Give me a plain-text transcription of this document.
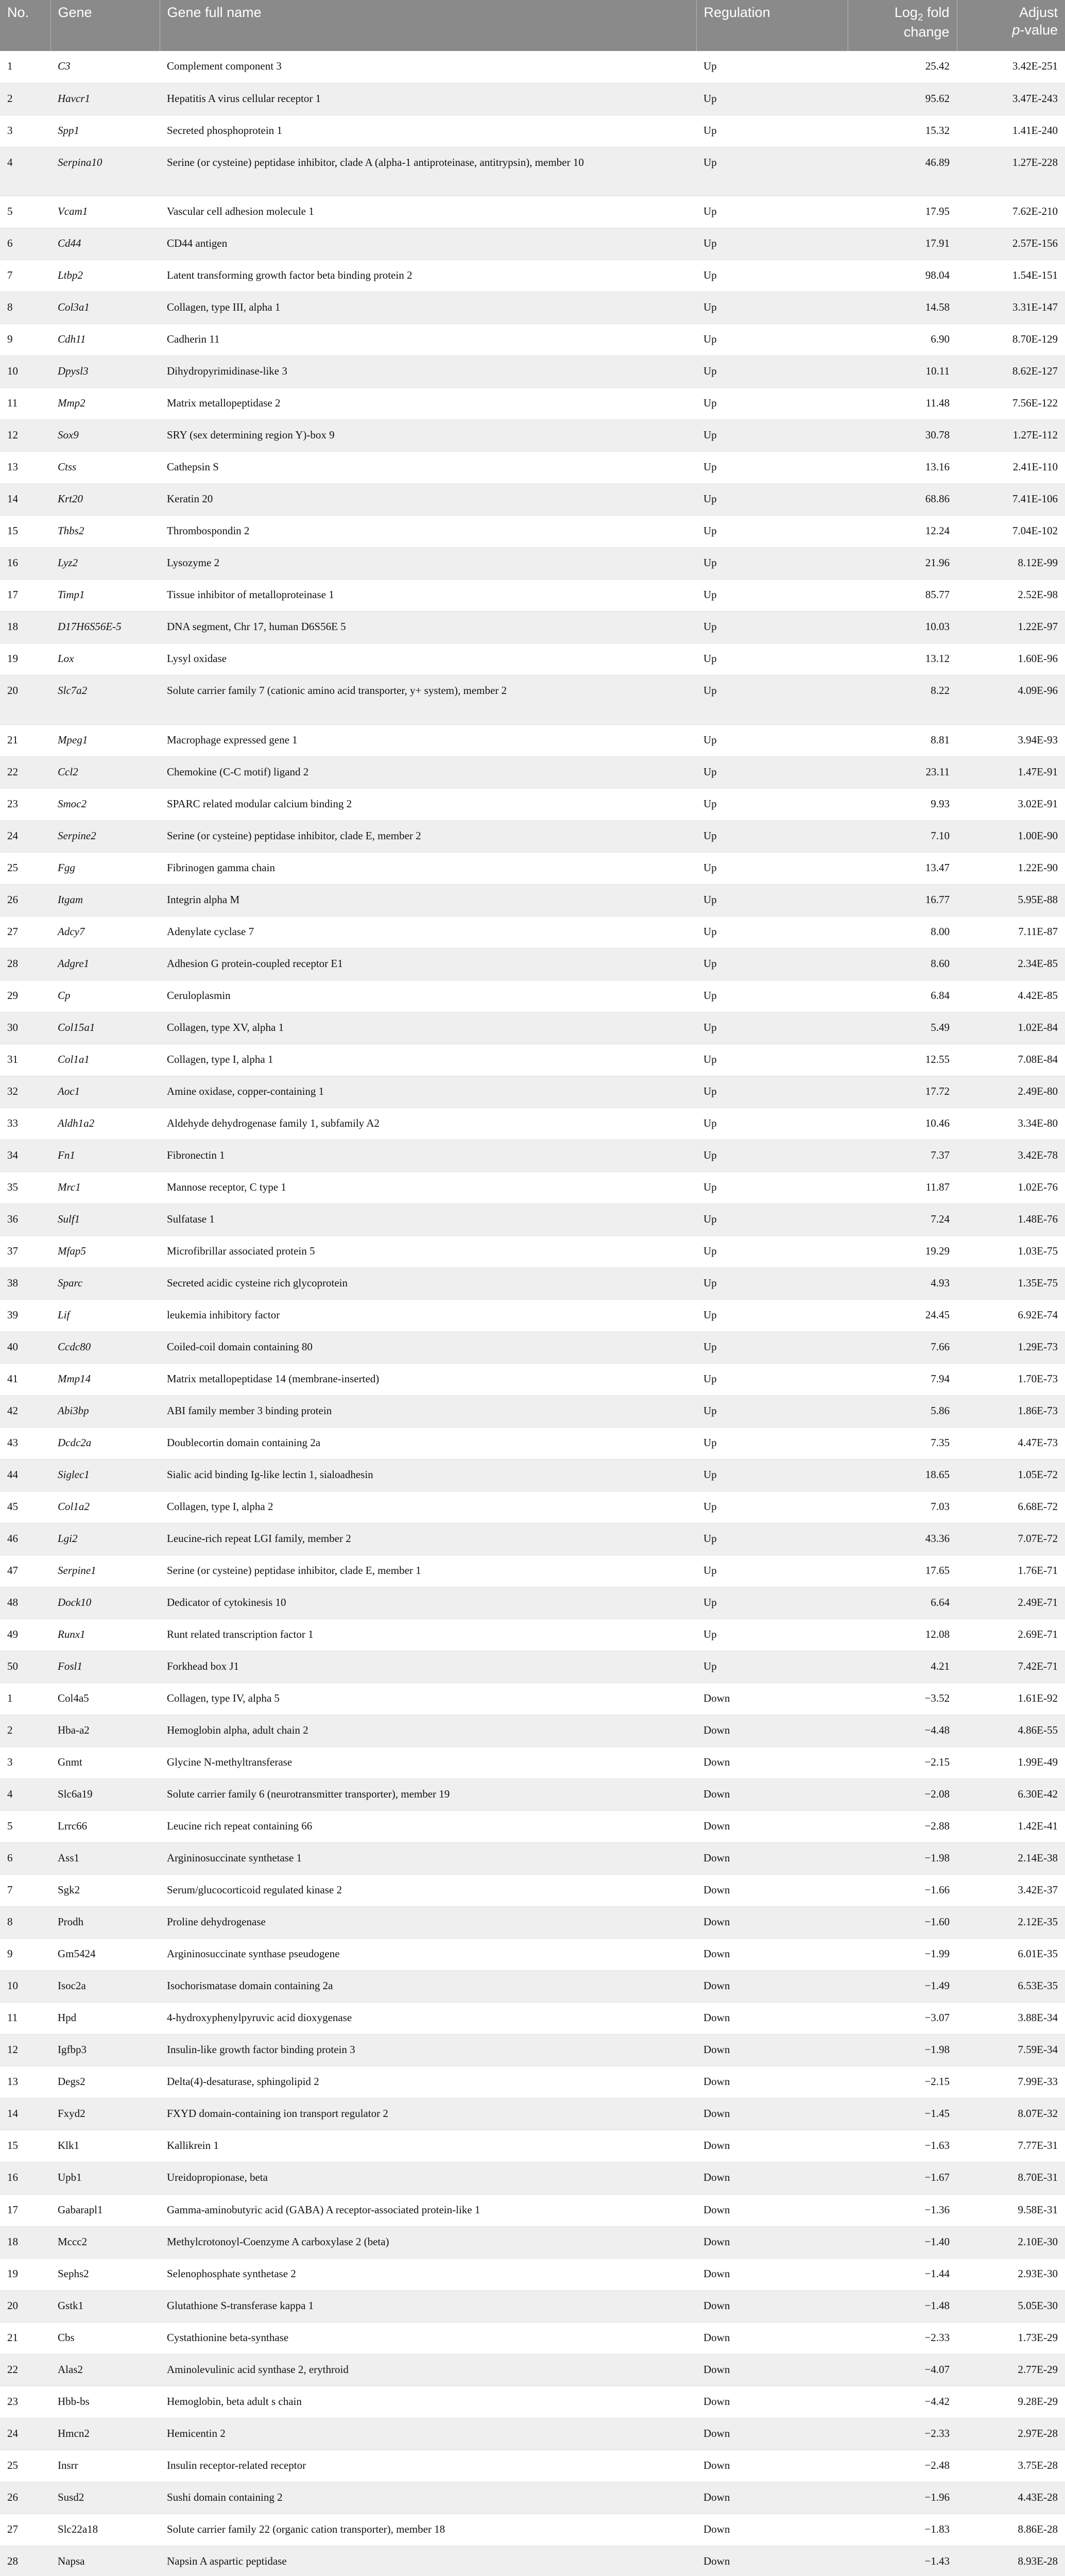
No.	Gene	Gene full name	Regulation	Log$_2$ fold change	Adjust
p-value
1	C3	Complement component 3	Up	25.42	3.42E-251
2	Havcr1	Hepatitis A virus cellular receptor 1	Up	95.62	3.47E-243
3	Spp1	Secreted phosphoprotein 1	Up	15.32	1.41E-240
4	Serpina10	Serine (or cysteine) peptidase inhibitor, clade A (alpha-1 antiproteinase, antitrypsin), member 10	Up	46.89	1.27E-228
5	Vcam1	Vascular cell adhesion molecule 1	Up	17.95	7.62E-210
6	Cd44	CD44 antigen	Up	17.91	2.57E-156
7	Ltbp2	Latent transforming growth factor beta binding protein 2	Up	98.04	1.54E-151
8	Col3a1	Collagen, type III, alpha 1	Up	14.58	3.31E-147
9	Cdh11	Cadherin 11	Up	6.90	8.70E-129
10	Dpysl3	Dihydropyrimidinase-like 3	Up	10.11	8.62E-127
11	Mmp2	Matrix metallopeptidase 2	Up	11.48	7.56E-122
12	Sox9	SRY (sex determining region Y)-box 9	Up	30.78	1.27E-112
13	Ctss	Cathepsin S	Up	13.16	2.41E-110
14	Krt20	Keratin 20	Up	68.86	7.41E-106
15	Thbs2	Thrombospondin 2	Up	12.24	7.04E-102
16	Lyz2	Lysozyme 2	Up	21.96	8.12E-99
17	Timp1	Tissue inhibitor of metalloproteinase 1	Up	85.77	2.52E-98
18	D17H6S56E-5	DNA segment, Chr 17, human D6S56E 5	Up	10.03	1.22E-97
19	Lox	Lysyl oxidase	Up	13.12	1.60E-96
20	Slc7a2	Solute carrier family 7 (cationic amino acid transporter, y+ system), member 2	Up	8.22	4.09E-96
21	Mpeg1	Macrophage expressed gene 1	Up	8.81	3.94E-93
22	Ccl2	Chemokine (C-C motif) ligand 2	Up	23.11	1.47E-91
23	Smoc2	SPARC related modular calcium binding 2	Up	9.93	3.02E-91
24	Serpine2	Serine (or cysteine) peptidase inhibitor, clade E, member 2	Up	7.10	1.00E-90
25	Fgg	Fibrinogen gamma chain	Up	13.47	1.22E-90
26	Itgam	Integrin alpha M	Up	16.77	5.95E-88
27	Adcy7	Adenylate cyclase 7	Up	8.00	7.11E-87
28	Adgre1	Adhesion G protein-coupled receptor E1	Up	8.60	2.34E-85
29	Cp	Ceruloplasmin	Up	6.84	4.42E-85
30	Col15a1	Collagen, type XV, alpha 1	Up	5.49	1.02E-84
31	Col1a1	Collagen, type I, alpha 1	Up	12.55	7.08E-84
32	Aoc1	Amine oxidase, copper-containing 1	Up	17.72	2.49E-80
33	Aldh1a2	Aldehyde dehydrogenase family 1, subfamily A2	Up	10.46	3.34E-80
34	Fn1	Fibronectin 1	Up	7.37	3.42E-78
35	Mrc1	Mannose receptor, C type 1	Up	11.87	1.02E-76
36	Sulf1	Sulfatase 1	Up	7.24	1.48E-76
37	Mfap5	Microfibrillar associated protein 5	Up	19.29	1.03E-75
38	Sparc	Secreted acidic cysteine rich glycoprotein	Up	4.93	1.35E-75
39	Lif	leukemia inhibitory factor	Up	24.45	6.92E-74
40	Ccdc80	Coiled-coil domain containing 80	Up	7.66	1.29E-73
41	Mmp14	Matrix metallopeptidase 14 (membrane-inserted)	Up	7.94	1.70E-73
42	Abi3bp	ABI family member 3 binding protein	Up	5.86	1.86E-73
43	Dcdc2a	Doublecortin domain containing 2a	Up	7.35	4.47E-73
44	Siglec1	Sialic acid binding Ig-like lectin 1, sialoadhesin	Up	18.65	1.05E-72
45	Col1a2	Collagen, type I, alpha 2	Up	7.03	6.68E-72
46	Lgi2	Leucine-rich repeat LGI family, member 2	Up	43.36	7.07E-72
47	Serpine1	Serine (or cysteine) peptidase inhibitor, clade E, member 1	Up	17.65	1.76E-71
48	Dock10	Dedicator of cytokinesis 10	Up	6.64	2.49E-71
49	Runx1	Runt related transcription factor 1	Up	12.08	2.69E-71
50	Fosl1	Forkhead box J1	Up	4.21	7.42E-71
1	Col4a5	Collagen, type IV, alpha 5	Down	−3.52	1.61E-92
2	Hba-a2	Hemoglobin alpha, adult chain 2	Down	−4.48	4.86E-55
3	Gnmt	Glycine N-methyltransferase	Down	−2.15	1.99E-49
4	Slc6a19	Solute carrier family 6 (neurotransmitter transporter), member 19	Down	−2.08	6.30E-42
5	Lrrc66	Leucine rich repeat containing 66	Down	−2.88	1.42E-41
6	Ass1	Argininosuccinate synthetase 1	Down	−1.98	2.14E-38
7	Sgk2	Serum/glucocorticoid regulated kinase 2	Down	−1.66	3.42E-37
8	Prodh	Proline dehydrogenase	Down	−1.60	2.12E-35
9	Gm5424	Argininosuccinate synthase pseudogene	Down	−1.99	6.01E-35
10	Isoc2a	Isochorismatase domain containing 2a	Down	−1.49	6.53E-35
11	Hpd	4-hydroxyphenylpyruvic acid dioxygenase	Down	−3.07	3.88E-34
12	Igfbp3	Insulin-like growth factor binding protein 3	Down	−1.98	7.59E-34
13	Degs2	Delta(4)-desaturase, sphingolipid 2	Down	−2.15	7.99E-33
14	Fxyd2	FXYD domain-containing ion transport regulator 2	Down	−1.45	8.07E-32
15	Klk1	Kallikrein 1	Down	−1.63	7.77E-31
16	Upb1	Ureidopropionase, beta	Down	−1.67	8.70E-31
17	Gabarapl1	Gamma-aminobutyric acid (GABA) A receptor-associated protein-like 1	Down	−1.36	9.58E-31
18	Mccc2	Methylcrotonoyl-Coenzyme A carboxylase 2 (beta)	Down	−1.40	2.10E-30
19	Sephs2	Selenophosphate synthetase 2	Down	−1.44	2.93E-30
20	Gstk1	Glutathione S-transferase kappa 1	Down	−1.48	5.05E-30
21	Cbs	Cystathionine beta-synthase	Down	−2.33	1.73E-29
22	Alas2	Aminolevulinic acid synthase 2, erythroid	Down	−4.07	2.77E-29
23	Hbb-bs	Hemoglobin, beta adult s chain	Down	−4.42	9.28E-29
24	Hmcn2	Hemicentin 2	Down	−2.33	2.97E-28
25	Insrr	Insulin receptor-related receptor	Down	−2.48	3.75E-28
26	Susd2	Sushi domain containing 2	Down	−1.96	4.43E-28
27	Slc22a18	Solute carrier family 22 (organic cation transporter), member 18	Down	−1.83	8.86E-28
28	Napsa	Napsin A aspartic peptidase	Down	−1.43	8.93E-28
